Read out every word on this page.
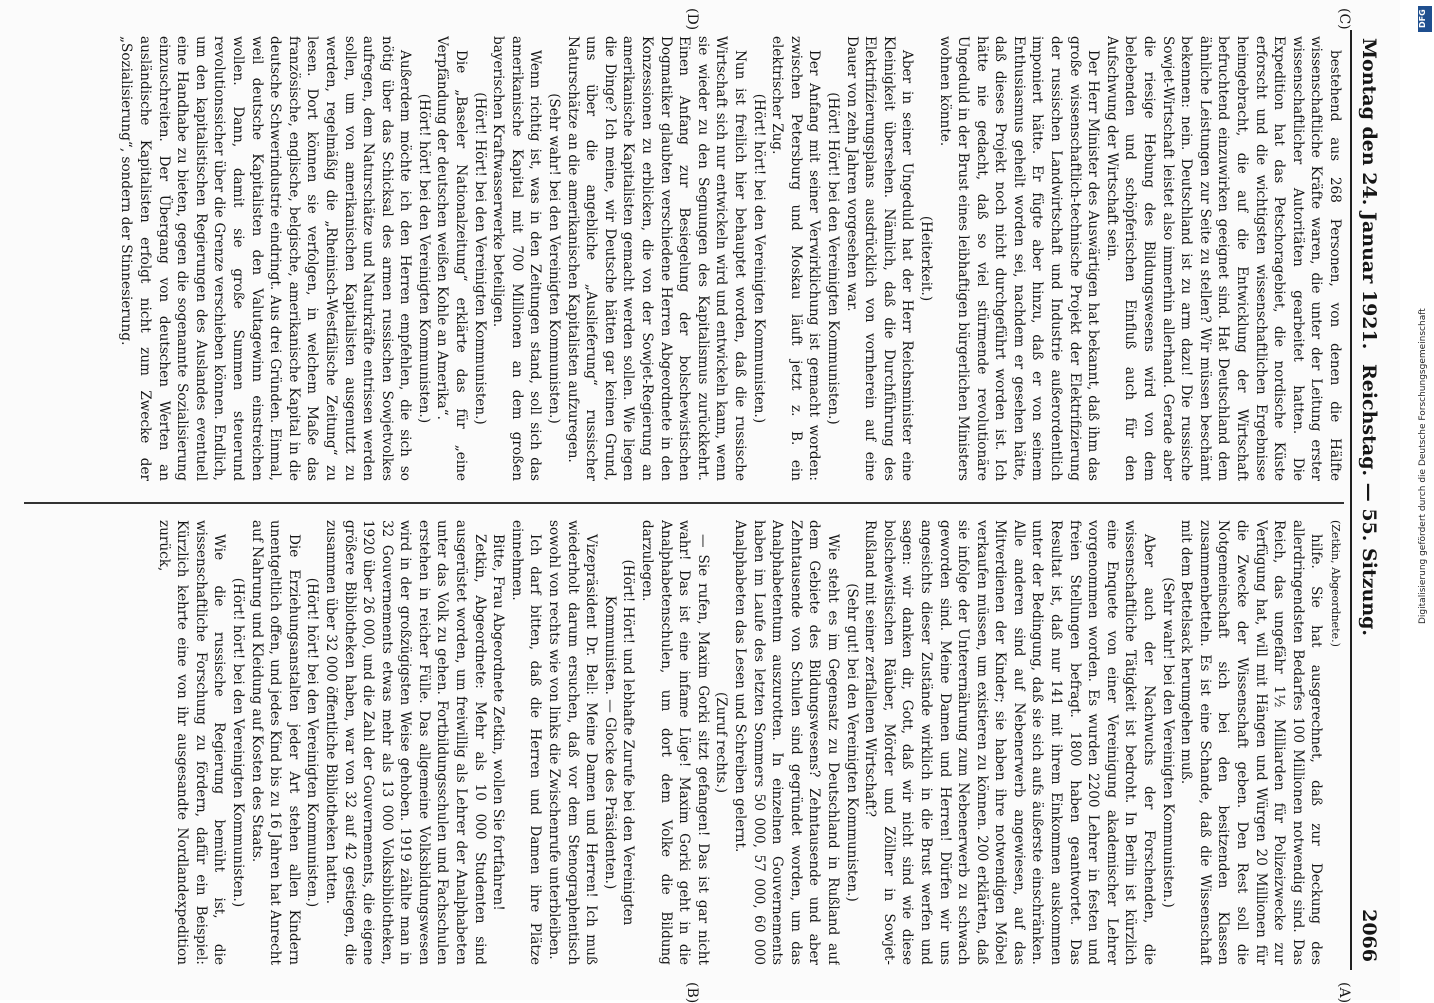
Montag den 24. Januar 1921.
Reichstag. — 55. Sitzung.
2066
(A)
(B)
(C)
(D)

(Zetkin, Abgeordnete.)

hilfe. Sie hat ausgerechnet, daß zur Deckung des allerdringendsten Bedarfes 100 Millionen notwendig sind. Das Reich, das ungefähr 1½ Milliarden für Polizeizwecke zur Verfügung hat, will mit Hängen und Würgen 20 Millionen für die Zwecke der Wissenschaft geben. Den Rest soll die Notgemeinschaft sich bei den besitzenden Klassen zusammenbetteln. Es ist eine Schande, daß die Wissenschaft mit dem Bettelsack herumgehen muß.

(Sehr wahr! bei den Vereinigten Kommunisten.)

Aber auch der Nachwuchs der Forschenden, die wissenschaftliche Tätigkeit ist bedroht. In Berlin ist kürzlich eine Enquete von einer Vereinigung akademischer Lehrer vorgenommen worden. Es wurden 2200 Lehrer in festen und freien Stellungen befragt. 1800 haben geantwortet. Das Resultat ist, daß nur 141 mit ihrem Einkommen auskommen unter der Bedingung, daß sie sich aufs äußerste einschränken. Alle anderen sind auf Nebenerwerb angewiesen, auf das Mitverdienen der Kinder; sie haben ihre notwendigen Möbel verkaufen müssen, um existieren zu können. 200 erklärten, daß sie infolge der Unterernährung zum Nebenerwerb zu schwach geworden sind. Meine Damen und Herren! Dürfen wir uns angesichts dieser Zustände wirklich in die Brust werfen und sagen: wir danken dir, Gott, daß wir nicht sind wie diese bolschewistischen Räuber, Mörder und Zöllner in Sowjet-Rußland mit seiner zerfallenen Wirtschaft?

(Sehr gut! bei den Vereinigten Kommunisten.)

Wie steht es im Gegensatz zu Deutschland in Rußland auf dem Gebiete des Bildungswesens? Zehntausende und aber Zehntausende von Schulen sind gegründet worden, um das Analphabetentum auszurotten. In einzelnen Gouvernements haben im Laufe des letzten Sommers 50 000, 57 000, 60 000 Analphabeten das Lesen und Schreiben gelernt.

(Zuruf rechts.)

— Sie rufen, Maxim Gorki sitzt gefangen! Das ist gar nicht wahr! Das ist eine infame Lüge! Maxim Gorki geht in die Analphabetenschulen, um dort dem Volke die Bildung darzulegen.

(Hört! Hört! und lebhafte Zurufe bei den Vereinigten Kommunisten. — Glocke des Präsidenten.)

Vizepräsident Dr. Bell: Meine Damen und Herren! Ich muß wiederholt darum ersuchen, daß vor dem Stenographentisch sowohl von rechts wie von links die Zwischenrufe unterbleiben.

Ich darf bitten, daß die Herren und Damen ihre Plätze einnehmen.

Bitte, Frau Abgeordnete Zetkin, wollen Sie fortfahren!

Zetkin, Abgeordnete: Mehr als 10 000 Studenten sind ausgerüstet worden, um freiwillig als Lehrer der Analphabeten unter das Volk zu gehen. Fortbildungsschulen und Fachschulen erstehen in reicher Fülle. Das allgemeine Volksbildungswesen wird in der großzügigsten Weise gehoben. 1919 zählte man in 32 Gouvernements etwas mehr als 13 000 Volksbibliotheken, 1920 über 26 000, und die Zahl der Gouvernements, die eigene größere Bibliotheken haben, war von 32 auf 42 gestiegen, die zusammen über 32 000 öffentliche Bibliotheken hatten.

(Hört! hört! bei den Vereinigten Kommunisten.)

Die Erziehungsanstalten jeder Art stehen allen Kindern unentgeltlich offen, und jedes Kind bis zu 16 Jahren hat Anrecht auf Nahrung und Kleidung auf Kosten des Staats.

(Hört! hört! bei den Vereinigten Kommunisten.)

Wie die russische Regierung bemüht ist, die wissenschaftliche Forschung zu fördern, dafür ein Beispiel: Kürzlich kehrte eine von ihr ausgesandte Nordlandexpedition zurück,

bestehend aus 268 Personen, von denen die Hälfte wissenschaftliche Kräfte waren, die unter der Leitung erster wissenschaftlicher Autoritäten gearbeitet hatten. Die Expedition hat das Petschoragebiet, die nordische Küste erforscht und die wichtigsten wissenschaftlichen Ergebnisse heimgebracht, die auf die Entwicklung der Wirtschaft befruchtend einzuwirken geeignet sind. Hat Deutschland dem ähnliche Leistungen zur Seite zu stellen? Wir müssen beschämt bekennen: nein. Deutschland ist zu arm dazu! Die russische Sowjet-Wirtschaft leistet also immerhin allerhand. Gerade aber die riesige Hebung des Bildungswesens wird von dem belebenden und schöpferischen Einfluß auch für den Aufschwung der Wirtschaft sein.

Der Herr Minister des Auswärtigen hat bekannt, daß ihm das große wissenschaftlich-technische Projekt der Elektrifizierung der russischen Landwirtschaft und Industrie außerordentlich imponiert hätte. Er fügte aber hinzu, daß er von seinem Enthusiasmus geheilt worden sei, nachdem er gesehen hätte, daß dieses Projekt noch nicht durchgeführt worden ist. Ich hätte nie gedacht, daß so viel stürmende revolutionäre Ungeduld in der Brust eines leibhaftigen bürgerlichen Ministers wohnen könnte.

(Heiterkeit.)

Aber in seiner Ungeduld hat der Herr Reichsminister eine Kleinigkeit übersehen. Nämlich, daß die Durchführung des Elektrifizierungsplans ausdrücklich von vornherein auf eine Dauer von zehn Jahren vorgesehen war.

(Hört! Hört! bei den Vereinigten Kommunisten.)

Der Anfang mit seiner Verwirklichung ist gemacht worden: zwischen Petersburg und Moskau läuft jetzt z. B. ein elektrischer Zug.

(Hört! hört! bei den Vereinigten Kommunisten.)

Nun ist freilich hier behauptet worden, daß die russische Wirtschaft sich nur entwickeln wird und entwickeln kann, wenn sie wieder zu den Segnungen des Kapitalismus zurückkehrt. Einen Anfang zur Besiegelung der bolschewistischen Dogmatiker glaubten verschiedene Herren Abgeordnete in den Konzessionen zu erblicken, die von der Sowjet-Regierung an amerikanische Kapitalisten gemacht werden sollen. Wie liegen die Dinge? Ich meine, wir Deutsche hätten gar keinen Grund, uns über die angebliche „Auslieferung“ russischer Naturschätze an die amerikanischen Kapitalisten aufzuregen.

(Sehr wahr! bei den Vereinigten Kommunisten.)

Wenn richtig ist, was in den Zeitungen stand, soll sich das amerikanische Kapital mit 700 Millionen an dem großen bayerischen Kraftwasserwerke beteiligen.

(Hört! Hört! bei den Vereinigten Kommunisten.)

Die „Baseler Nationalzeitung“ erklärte das für „eine Verpfändung der deutschen weißen Kohle an Amerika“.

(Hört! hört! bei den Vereinigten Kommunisten.)

Außerdem möchte ich den Herren empfehlen, die sich so nötig über das Schicksal des armen russischen Sowjetvolkes aufregen, dem Naturschätze und Naturkräfte entrissen werden sollen, um von amerikanischen Kapitalisten ausgenutzt zu werden, regelmäßig die „Rheinisch-Westfälische Zeitung“ zu lesen. Dort können sie verfolgen, in welchem Maße das französische, englische, belgische, amerikanische Kapital in die deutsche Schwerindustrie eindringt. Aus drei Gründen. Einmal, weil deutsche Kapitalisten den Valutagewinn einstreichen wollen. Dann, damit sie große Summen steuerund revolutionssicher über die Grenze verschieben können. Endlich, um den kapitalistischen Regierungen des Auslandes eventuell eine Handhabe zu bieten, gegen die sogenannte Sozialisierung einzuschreiten. Der Übergang von deutschen Werten an ausländische Kapitalisten erfolgt nicht zum Zwecke der „Sozialisierung“, sondern der Stinnesierung.

Digitalisierung gefördert durch die Deutsche Forschungsgemeinschaft
DFG
